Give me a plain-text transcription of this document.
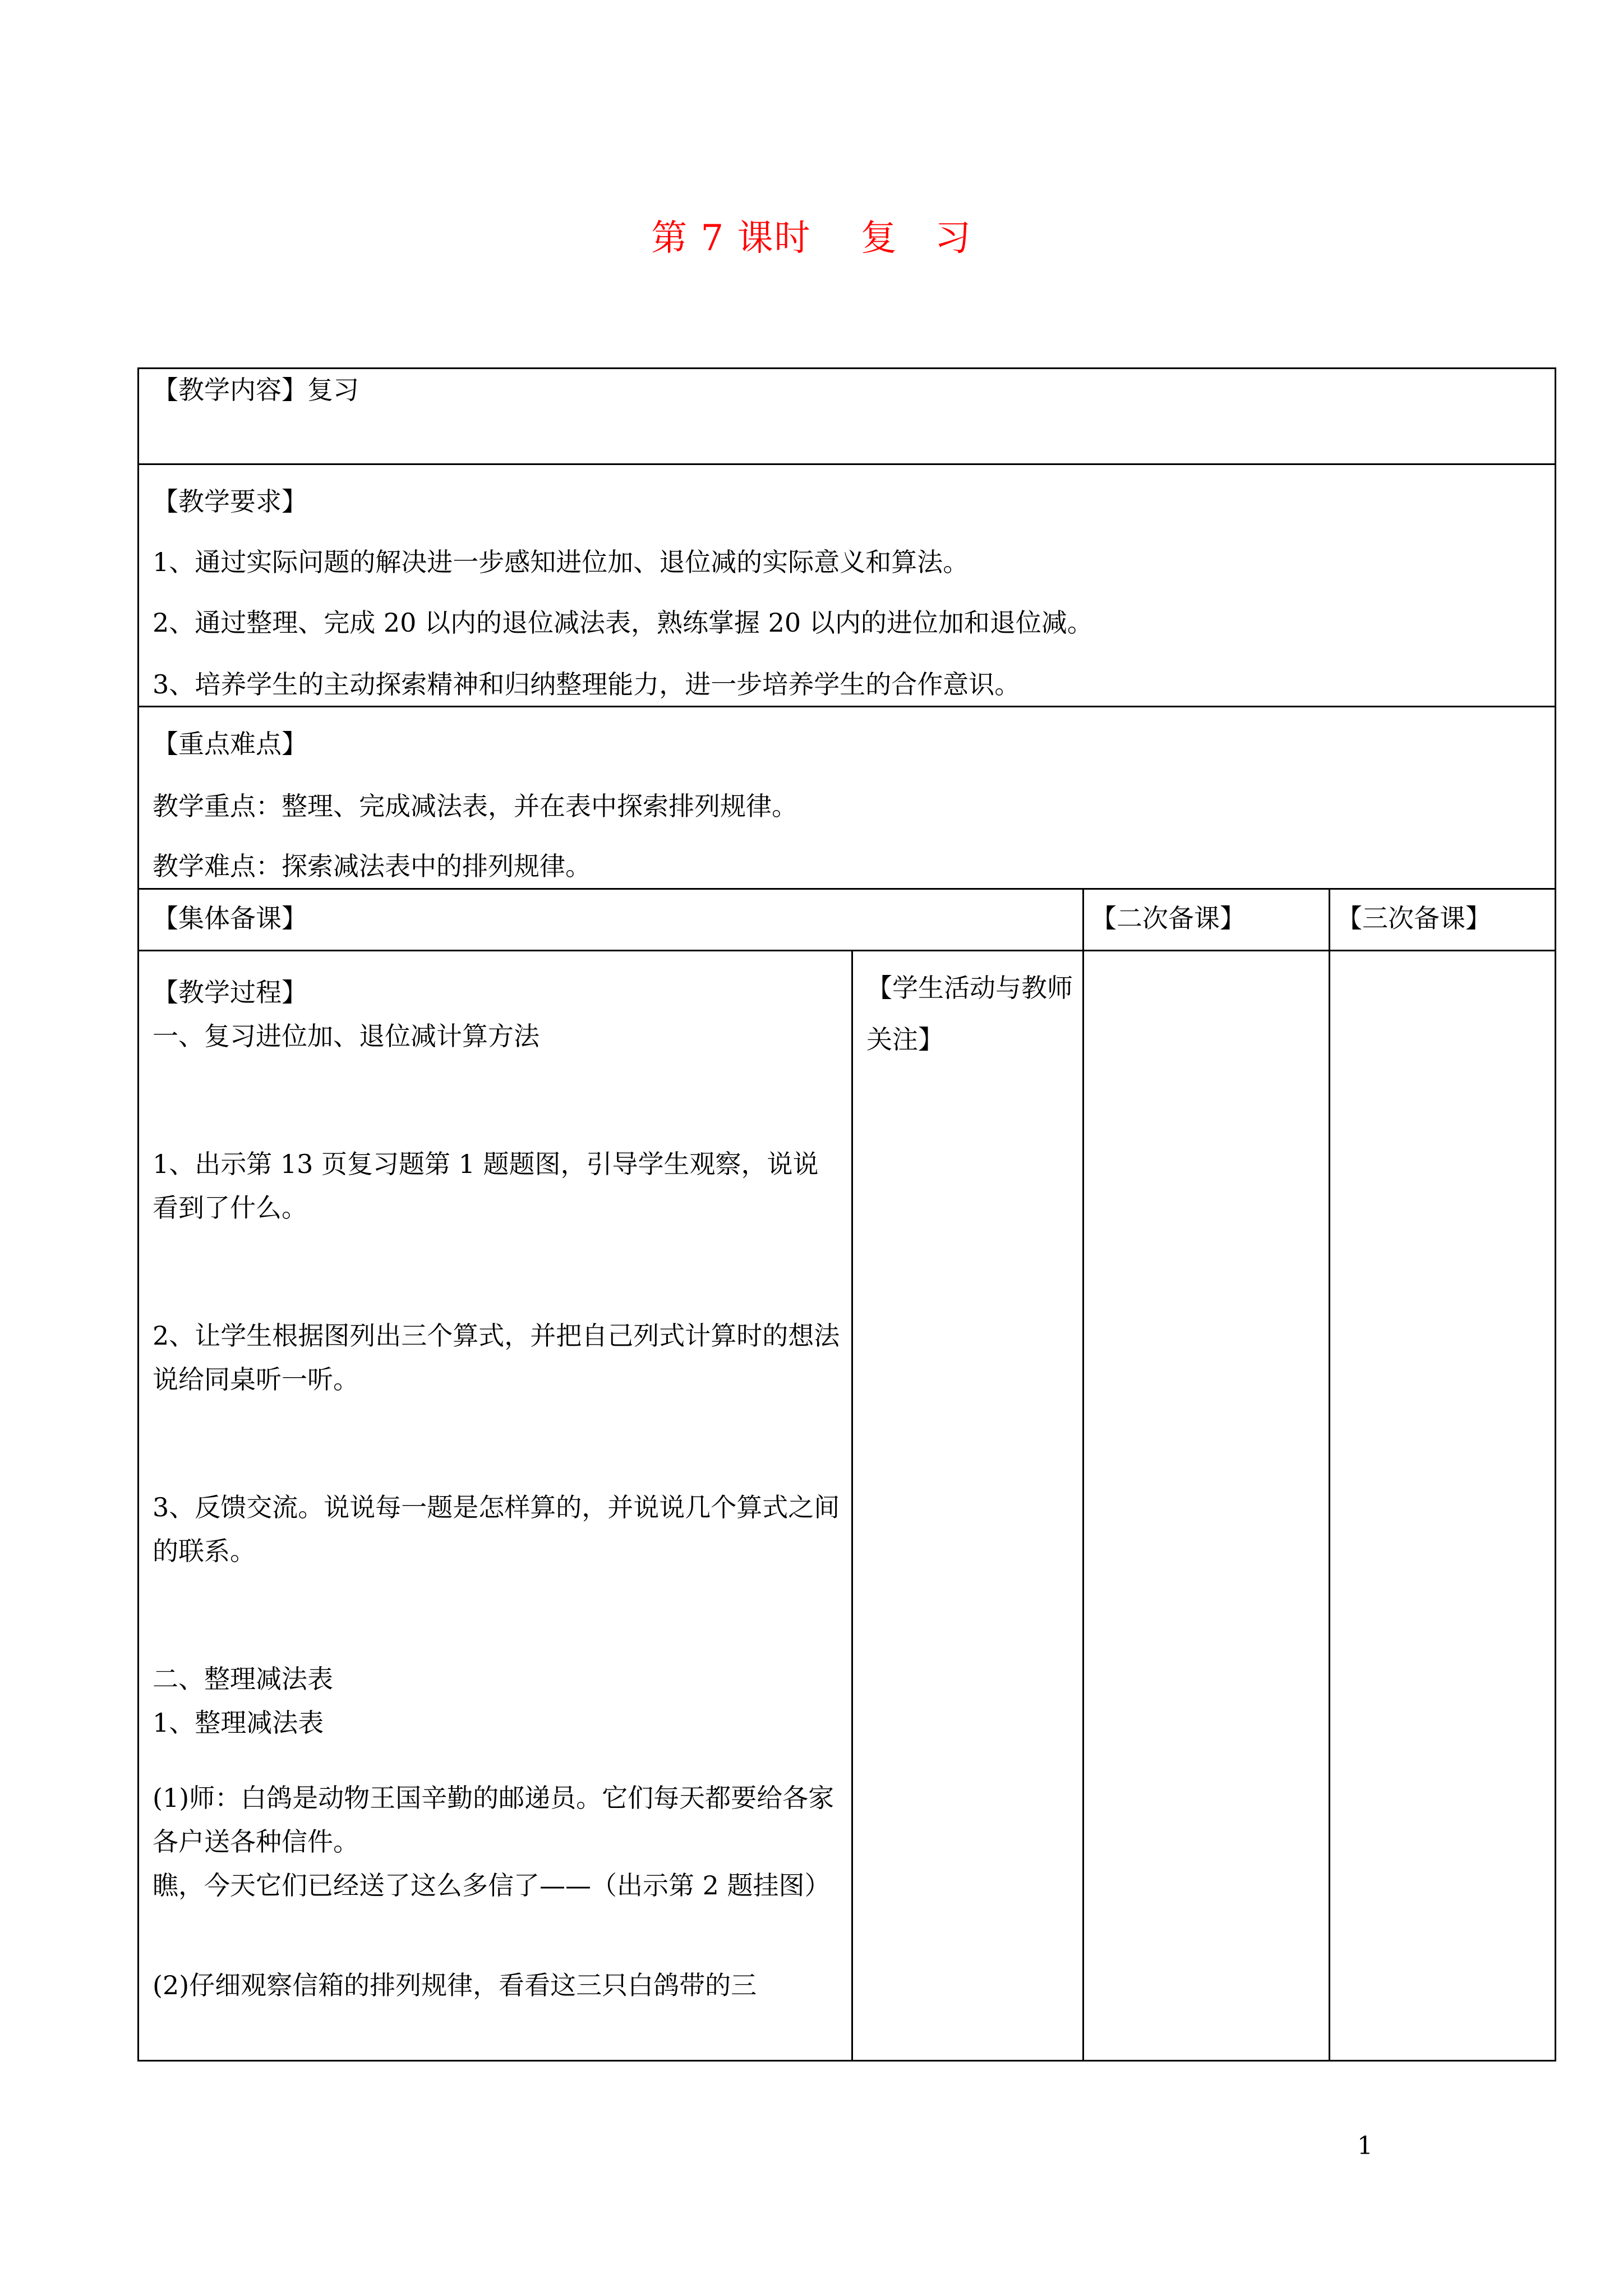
第 7 课时　 复　习
【教学内容】复习
【教学要求】
1、通过实际问题的解决进一步感知进位加、退位减的实际意义和算法。
2、通过整理、完成 20 以内的退位减法表，熟练掌握 20 以内的进位加和退位减。
3、培养学生的主动探索精神和归纳整理能力，进一步培养学生的合作意识。
【重点难点】
教学重点：整理、完成减法表，并在表中探索排列规律。
教学难点：探索减法表中的排列规律。
【集体备课】	【二次备课】	【三次备课】

【教学过程】

一、复习进位加、退位减计算方法

1、出示第 13 页复习题第 1 题题图，引导学生观察，说说看到了什么。

2、让学生根据图列出三个算式，并把自己列式计算时的想法说给同桌听一听。

3、反馈交流。说说每一题是怎样算的，并说说几个算式之间的联系。

二、整理减法表

1、整理减法表

(1)师：白鸽是动物王国辛勤的邮递员。它们每天都要给各家各户送各种信件。

瞧，今天它们已经送了这么多信了——（出示第 2 题挂图）

(2)仔细观察信箱的排列规律，看看这三只白鸽带的三

【学生活动与教师关注】
1
